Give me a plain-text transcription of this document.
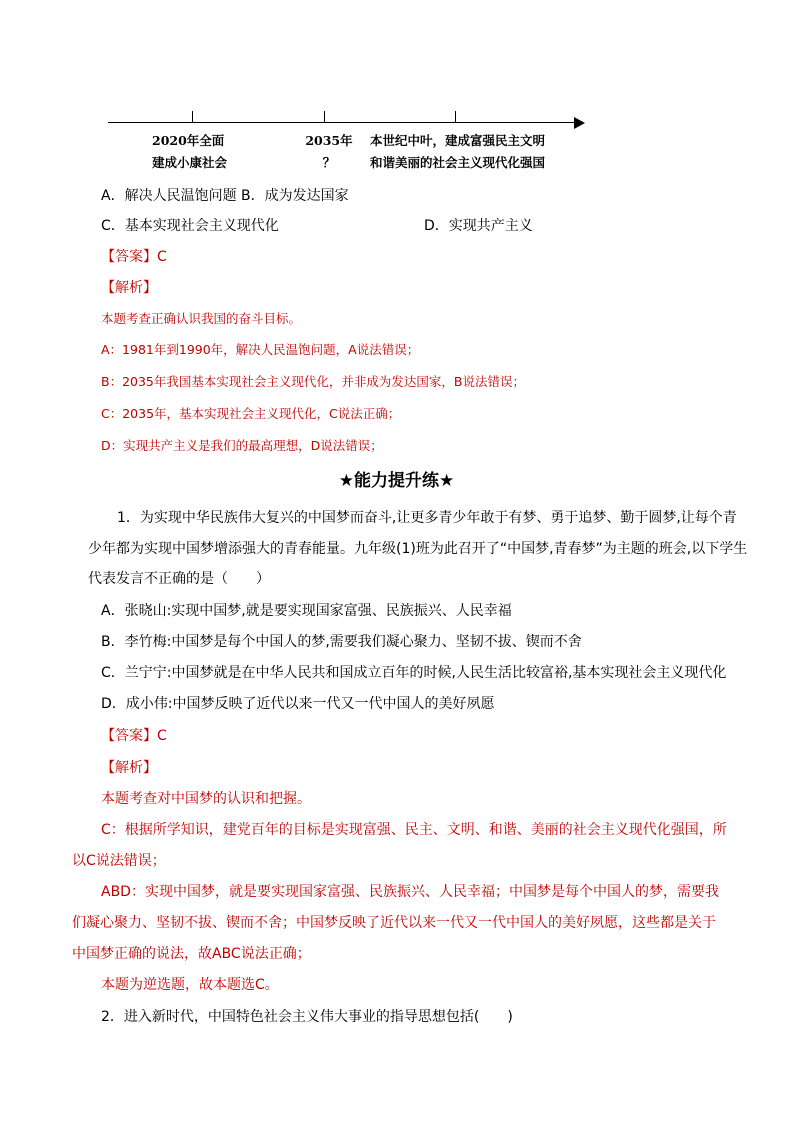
2020年全面
建成小康社会
2035年
？
本世纪中叶，建成富强民主文明
和谐美丽的社会主义现代化强国
A．解决人民温饱问题 B．成为发达国家
C．基本实现社会主义现代化	D．实现共产主义
【答案】C
【解析】
本题考查正确认识我国的奋斗目标。
A：1981年到1990年，解决人民温饱问题，A说法错误；
B：2035年我国基本实现社会主义现代化，并非成为发达国家，B说法错误；
C：2035年，基本实现社会主义现代化，C说法正确；
D：实现共产主义是我们的最高理想，D说法错误；
★能力提升练★
1．为实现中华民族伟大复兴的中国梦而奋斗,让更多青少年敢于有梦、勇于追梦、勤于圆梦,让每个青
少年都为实现中国梦增添强大的青春能量。九年级(1)班为此召开了“中国梦,青春梦”为主题的班会,以下学生
代表发言不正确的是（　　）
A．张晓山:实现中国梦,就是要实现国家富强、民族振兴、人民幸福
B．李竹梅:中国梦是每个中国人的梦,需要我们凝心聚力、坚韧不拔、锲而不舍
C．兰宁宁:中国梦就是在中华人民共和国成立百年的时候,人民生活比较富裕,基本实现社会主义现代化
D．成小伟:中国梦反映了近代以来一代又一代中国人的美好夙愿
【答案】C
【解析】
本题考查对中国梦的认识和把握。
C：根据所学知识，建党百年的目标是实现富强、民主、文明、和谐、美丽的社会主义现代化强国，所
以C说法错误；
ABD：实现中国梦，就是要实现国家富强、民族振兴、人民幸福；中国梦是每个中国人的梦，需要我
们凝心聚力、坚韧不拔、锲而不舍；中国梦反映了近代以来一代又一代中国人的美好夙愿，这些都是关于
中国梦正确的说法，故ABC说法正确；
本题为逆选题，故本题选C。
2．进入新时代，中国特色社会主义伟大事业的指导思想包括(　　)
